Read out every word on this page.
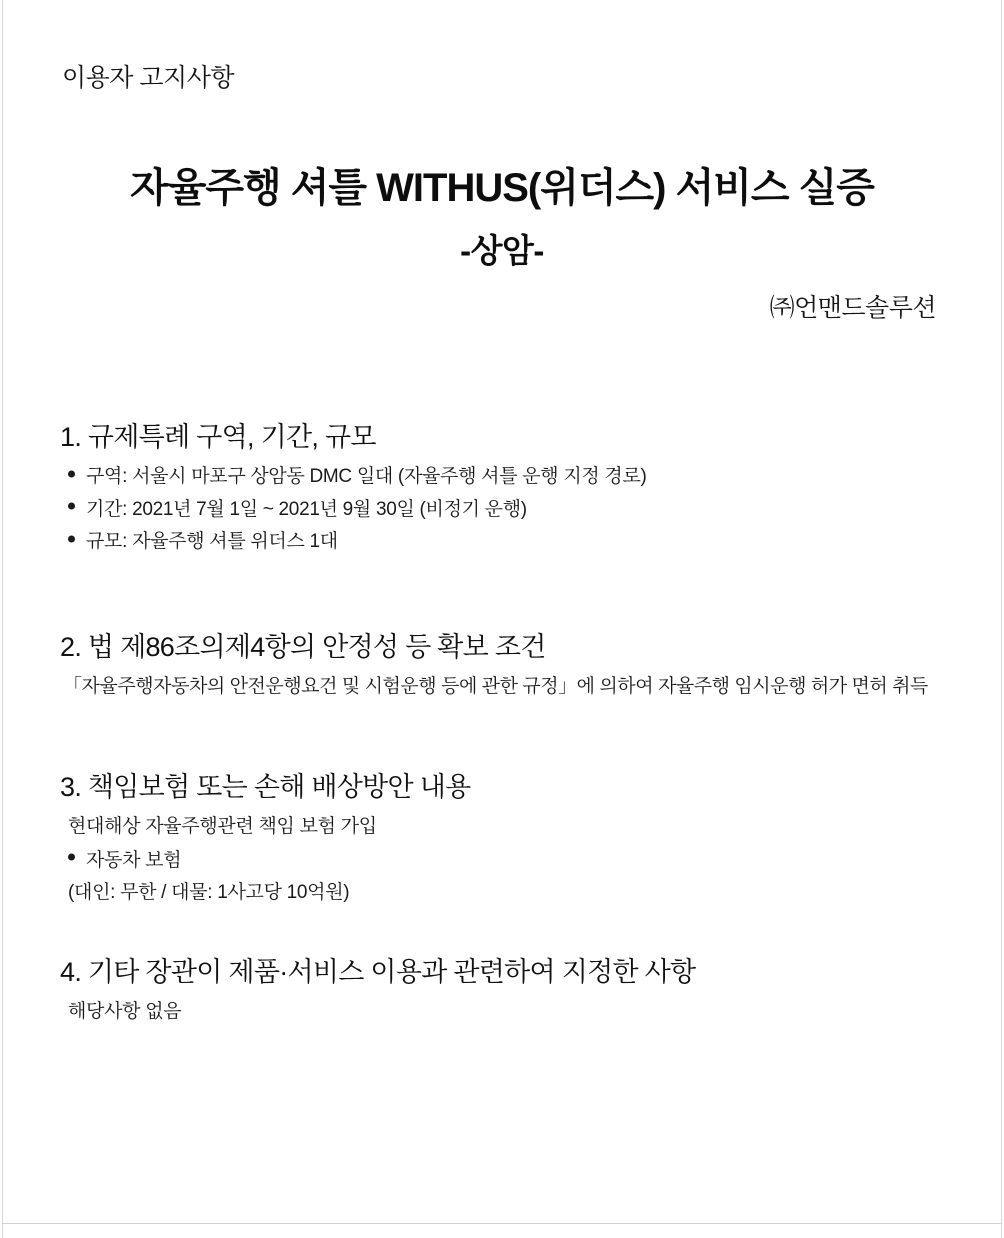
이용자 고지사항
자율주행 셔틀 WITHUS(위더스) 서비스 실증
-상암-
㈜언맨드솔루션
1. 규제특례 구역, 기간, 규모
구역: 서울시 마포구 상암동 DMC 일대 (자율주행 셔틀 운행 지정 경로)
기간: 2021년 7월 1일 ~ 2021년 9월 30일 (비정기 운행)
규모: 자율주행 셔틀 위더스 1대
2. 법 제86조의제4항의 안정성 등 확보 조건
「자율주행자동차의 안전운행요건 및 시험운행 등에 관한 규정」에 의하여 자율주행 임시운행 허가 면허 취득
3. 책임보험 또는 손해 배상방안 내용
현대해상 자율주행관련 책임 보험 가입
자동차 보험
(대인: 무한 / 대물: 1사고당 10억원)
4. 기타 장관이 제품·서비스 이용과 관련하여 지정한 사항
해당사항 없음
